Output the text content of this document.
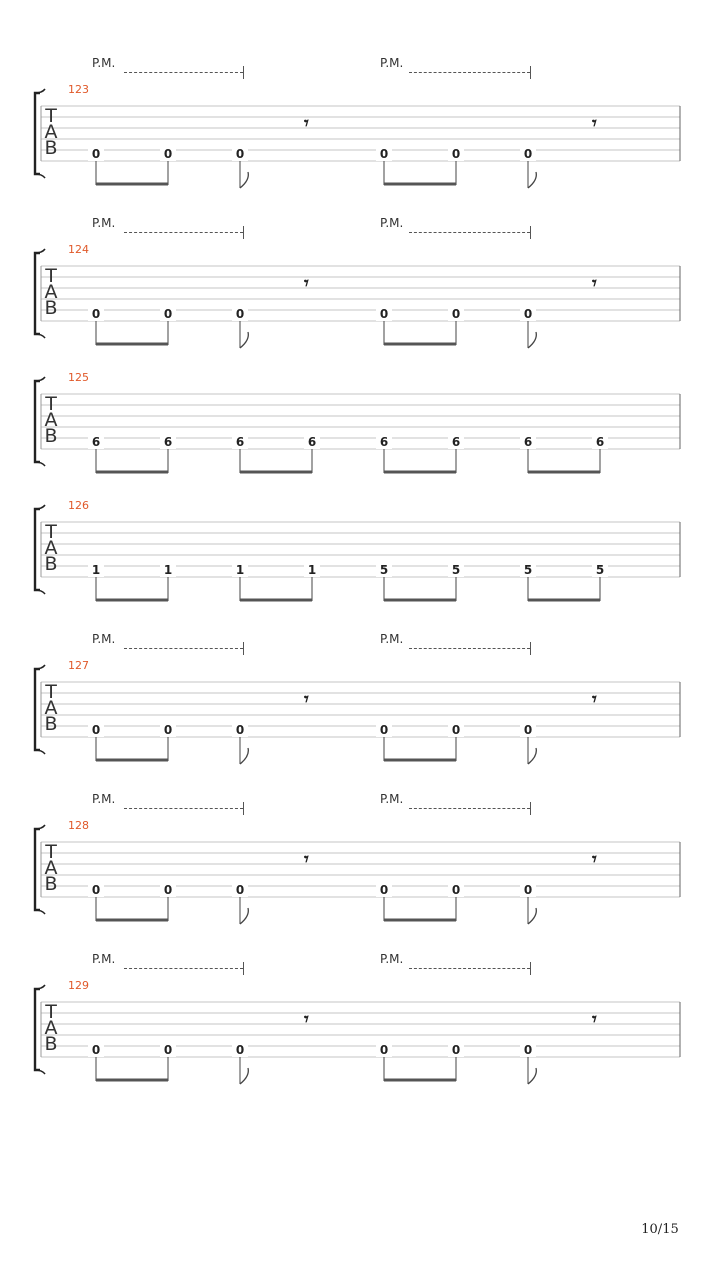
123
T
A
B
P.M.	P.M.
𝄾	𝄾
0	0	0	0	0	0
124
T
A
B
P.M.	P.M.
𝄾	𝄾
0	0	0	0	0	0
125
T
A
B	6	6	6	6	6	6	6	6
126
T
A
B	1	1	1	1	5	5	5	5
127
T
A
B
P.M.	P.M.
𝄾	𝄾
0	0	0	0	0	0
128
T
A
B
P.M.	P.M.
𝄾	𝄾
0	0	0	0	0	0
129
T
A
B
P.M.	P.M.
𝄾	𝄾
0	0	0	0	0	0
10/15
